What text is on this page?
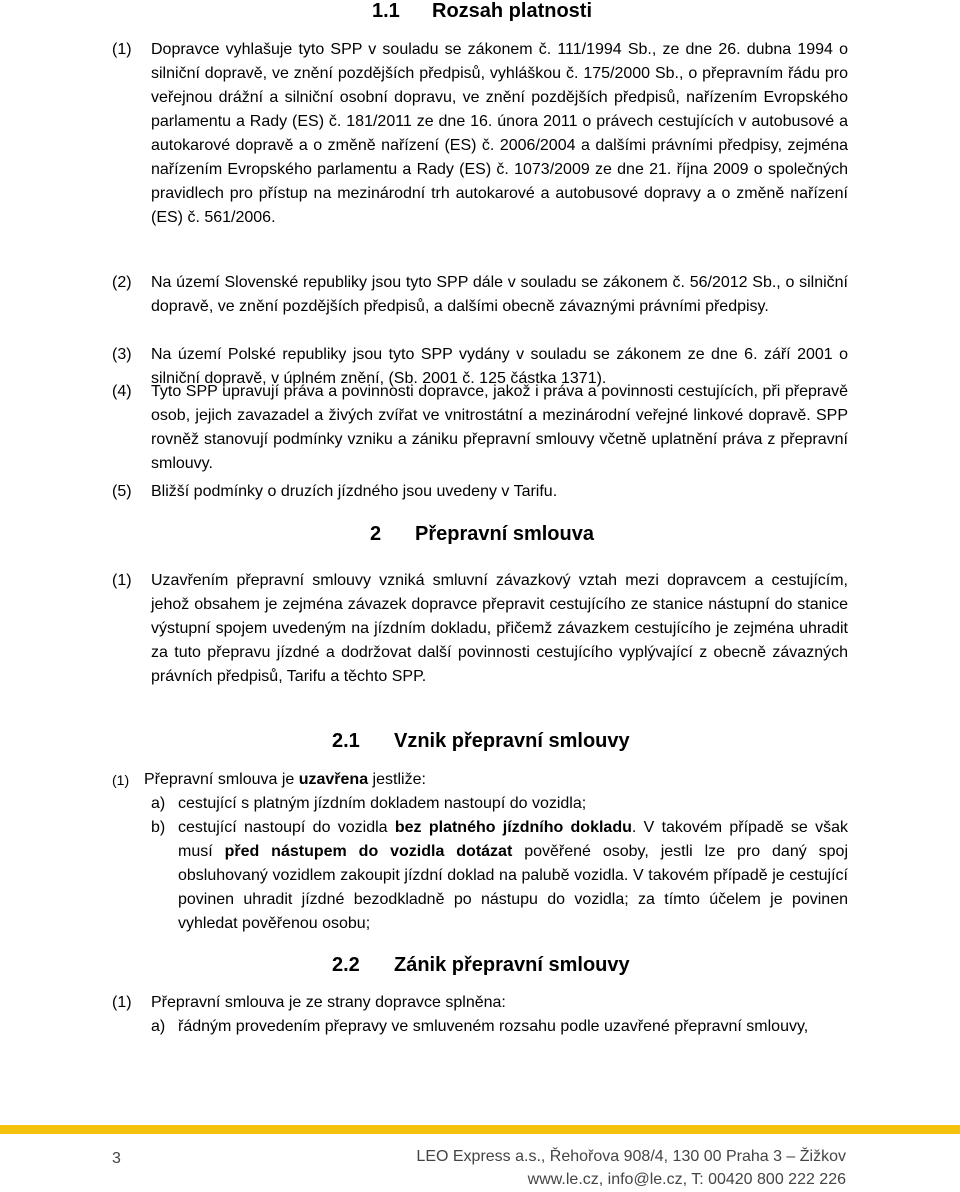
1.1 Rozsah platnosti
(1) Dopravce vyhlašuje tyto SPP v souladu se zákonem č. 111/1994 Sb., ze dne 26. dubna 1994 o silniční dopravě, ve znění pozdějších předpisů, vyhláškou č. 175/2000 Sb., o přepravním řádu pro veřejnou drážní a silniční osobní dopravu, ve znění pozdějších předpisů, nařízením Evropského parlamentu a Rady (ES) č. 181/2011 ze dne 16. února 2011 o právech cestujících v autobusové a autokarové dopravě a o změně nařízení (ES) č. 2006/2004 a dalšími právními předpisy, zejména nařízením Evropského parlamentu a Rady (ES) č. 1073/2009 ze dne 21. října 2009 o společných pravidlech pro přístup na mezinárodní trh autokarové a autobusové dopravy a o změně nařízení (ES) č. 561/2006.
(2) Na území Slovenské republiky jsou tyto SPP dále v souladu se zákonem č. 56/2012 Sb., o silniční dopravě, ve znění pozdějších předpisů, a dalšími obecně závaznými právními předpisy.
(3) Na území Polské republiky jsou tyto SPP vydány v souladu se zákonem ze dne 6. září 2001 o silniční dopravě, v úplném znění, (Sb. 2001 č. 125 částka 1371).
(4) Tyto SPP upravují práva a povinnosti dopravce, jakož i práva a povinnosti cestujících, při přepravě osob, jejich zavazadel a živých zvířat ve vnitrostátní a mezinárodní veřejné linkové dopravě. SPP rovněž stanovují podmínky vzniku a zániku přepravní smlouvy včetně uplatnění práva z přepravní smlouvy.
(5) Bližší podmínky o druzích jízdného jsou uvedeny v Tarifu.
2 Přepravní smlouva
(1) Uzavřením přepravní smlouvy vzniká smluvní závazkový vztah mezi dopravcem a cestujícím, jehož obsahem je zejména závazek dopravce přepravit cestujícího ze stanice nástupní do stanice výstupní spojem uvedeným na jízdním dokladu, přičemž závazkem cestujícího je zejména uhradit za tuto přepravu jízdné a dodržovat další povinnosti cestujícího vyplývající z obecně závazných právních předpisů, Tarifu a těchto SPP.
2.1 Vznik přepravní smlouvy
(1) Přepravní smlouva je uzavřena jestliže:
a) cestující s platným jízdním dokladem nastoupí do vozidla;
b) cestující nastoupí do vozidla bez platného jízdního dokladu. V takovém případě se však musí před nástupem do vozidla dotázat pověřené osoby, jestli lze pro daný spoj obsluhovaný vozidlem zakoupit jízdní doklad na palubě vozidla. V takovém případě je cestující povinen uhradit jízdné bezodkladně po nástupu do vozidla; za tímto účelem je povinen vyhledat pověřenou osobu;
2.2 Zánik přepravní smlouvy
(1) Přepravní smlouva je ze strany dopravce splněna:
a) řádným provedením přepravy ve smluveném rozsahu podle uzavřené přepravní smlouvy,
3	LEO Express a.s., Řehořova 908/4, 130 00 Praha 3 – Žižkov
www.le.cz, info@le.cz, T: 00420 800 222 226
